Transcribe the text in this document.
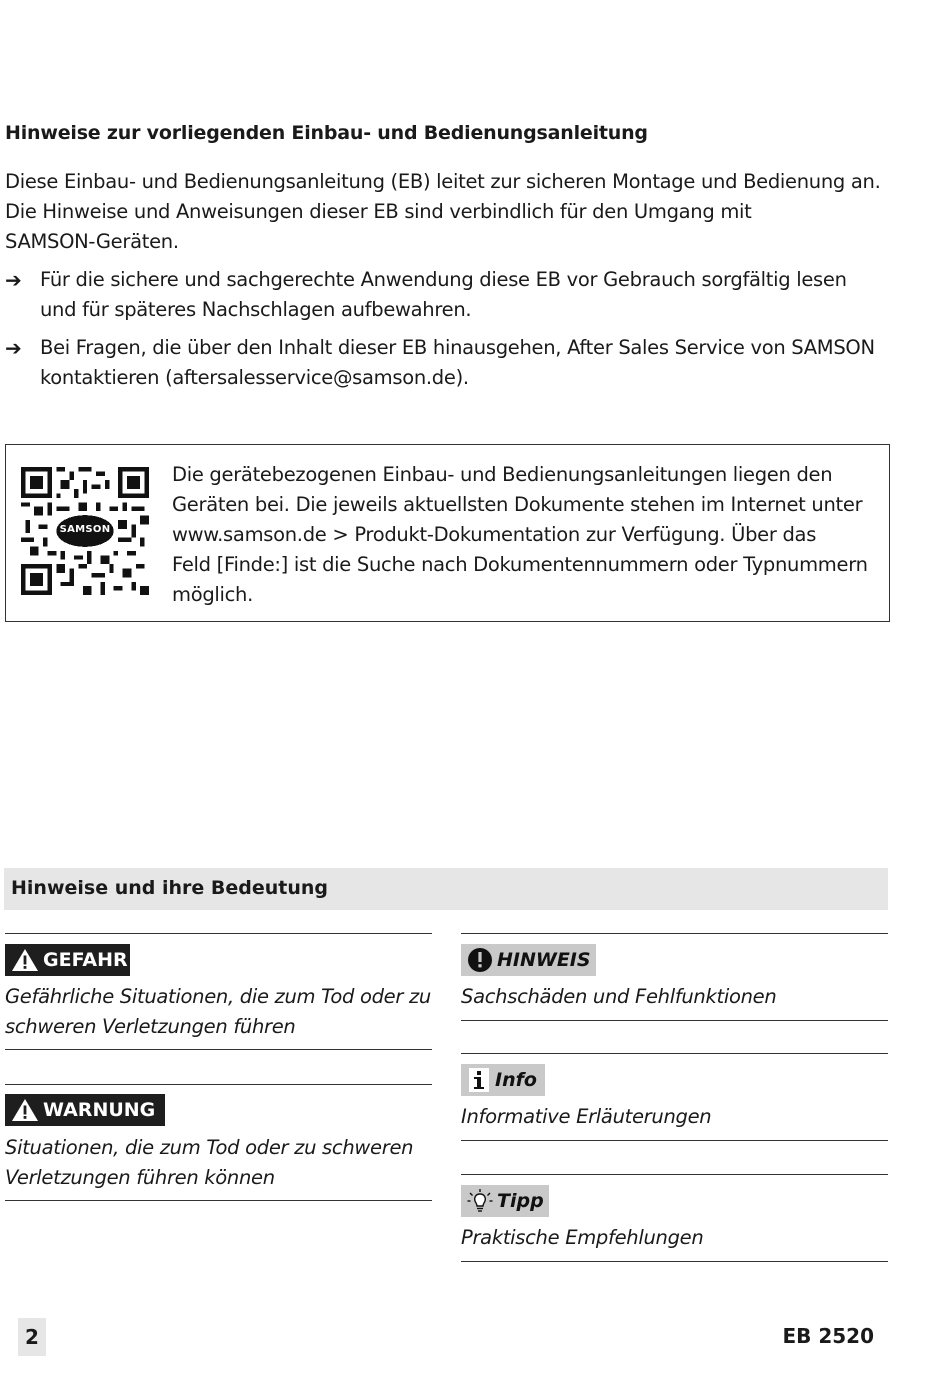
Hinweise zur vorliegenden Einbau- und Bedienungsanleitung
Diese Einbau- und Bedienungsanleitung (EB) leitet zur sicheren Montage und Bedienung an.
Die Hinweise und Anweisungen dieser EB sind verbindlich für den Umgang mit
SAMSON-Geräten.
➔ Für die sichere und sachgerechte Anwendung diese EB vor Gebrauch sorgfältig lesen
und für späteres Nachschlagen aufbewahren.
➔ Bei Fragen, die über den Inhalt dieser EB hinausgehen, After Sales Service von SAMSON
kontaktieren (aftersalesservice@samson.de).
SAMSON
Die gerätebezogenen Einbau- und Bedienungsanleitungen liegen den
Geräten bei. Die jeweils aktuellsten Dokumente stehen im Internet unter
www.samson.de > Produkt-Dokumentation zur Verfügung. Über das
Feld [Finde:] ist die Suche nach Dokumentennummern oder Typnummern
möglich.
Hinweise und ihre Bedeutung
GEFAHR
Gefährliche Situationen, die zum Tod oder zu
schweren Verletzungen führen
WARNUNG
Situationen, die zum Tod oder zu schweren
Verletzungen führen können
HINWEIS
Sachschäden und Fehlfunktionen
Info
Informative Erläuterungen
Tipp
Praktische Empfehlungen
2	EB 2520
